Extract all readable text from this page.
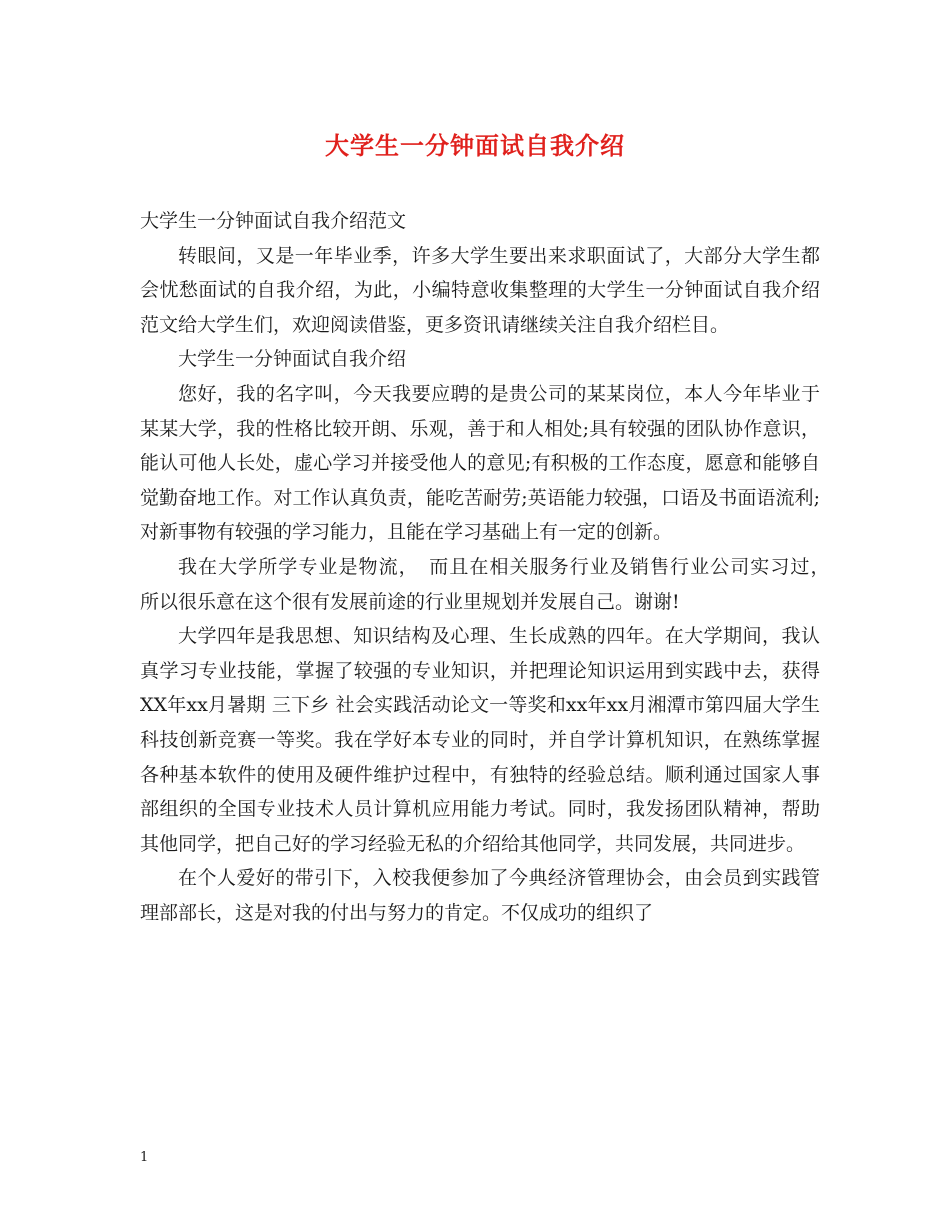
大学生一分钟面试自我介绍

大学生一分钟面试自我介绍范文

转眼间，又是一年毕业季，许多大学生要出来求职面试了，大部分大学生都会忧愁面试的自我介绍，为此，小编特意收集整理的大学生一分钟面试自我介绍范文给大学生们，欢迎阅读借鉴，更多资讯请继续关注自我介绍栏目。

大学生一分钟面试自我介绍

您好，我的名字叫，今天我要应聘的是贵公司的某某岗位，本人今年毕业于某某大学，我的性格比较开朗、乐观，善于和人相处;具有较强的团队协作意识，能认可他人长处，虚心学习并接受他人的意见;有积极的工作态度，愿意和能够自觉勤奋地工作。对工作认真负责，能吃苦耐劳;英语能力较强，口语及书面语流利;对新事物有较强的学习能力，且能在学习基础上有一定的创新。

我在大学所学专业是物流，　而且在相关服务行业及销售行业公司实习过，　所以很乐意在这个很有发展前途的行业里规划并发展自己。谢谢!

大学四年是我思想、知识结构及心理、生长成熟的四年。在大学期间，我认真学习专业技能，掌握了较强的专业知识，并把理论知识运用到实践中去，获得XX年xx月暑期 三下乡 社会实践活动论文一等奖和xx年xx月湘潭市第四届大学生科技创新竞赛一等奖。我在学好本专业的同时，并自学计算机知识，在熟练掌握各种基本软件的使用及硬件维护过程中，有独特的经验总结。顺利通过国家人事部组织的全国专业技术人员计算机应用能力考试。同时，我发扬团队精神，帮助其他同学，把自己好的学习经验无私的介绍给其他同学，共同发展，共同进步。

在个人爱好的带引下，入校我便参加了今典经济管理协会，由会员到实践管理部部长，这是对我的付出与努力的肯定。不仅成功的组织了

1
